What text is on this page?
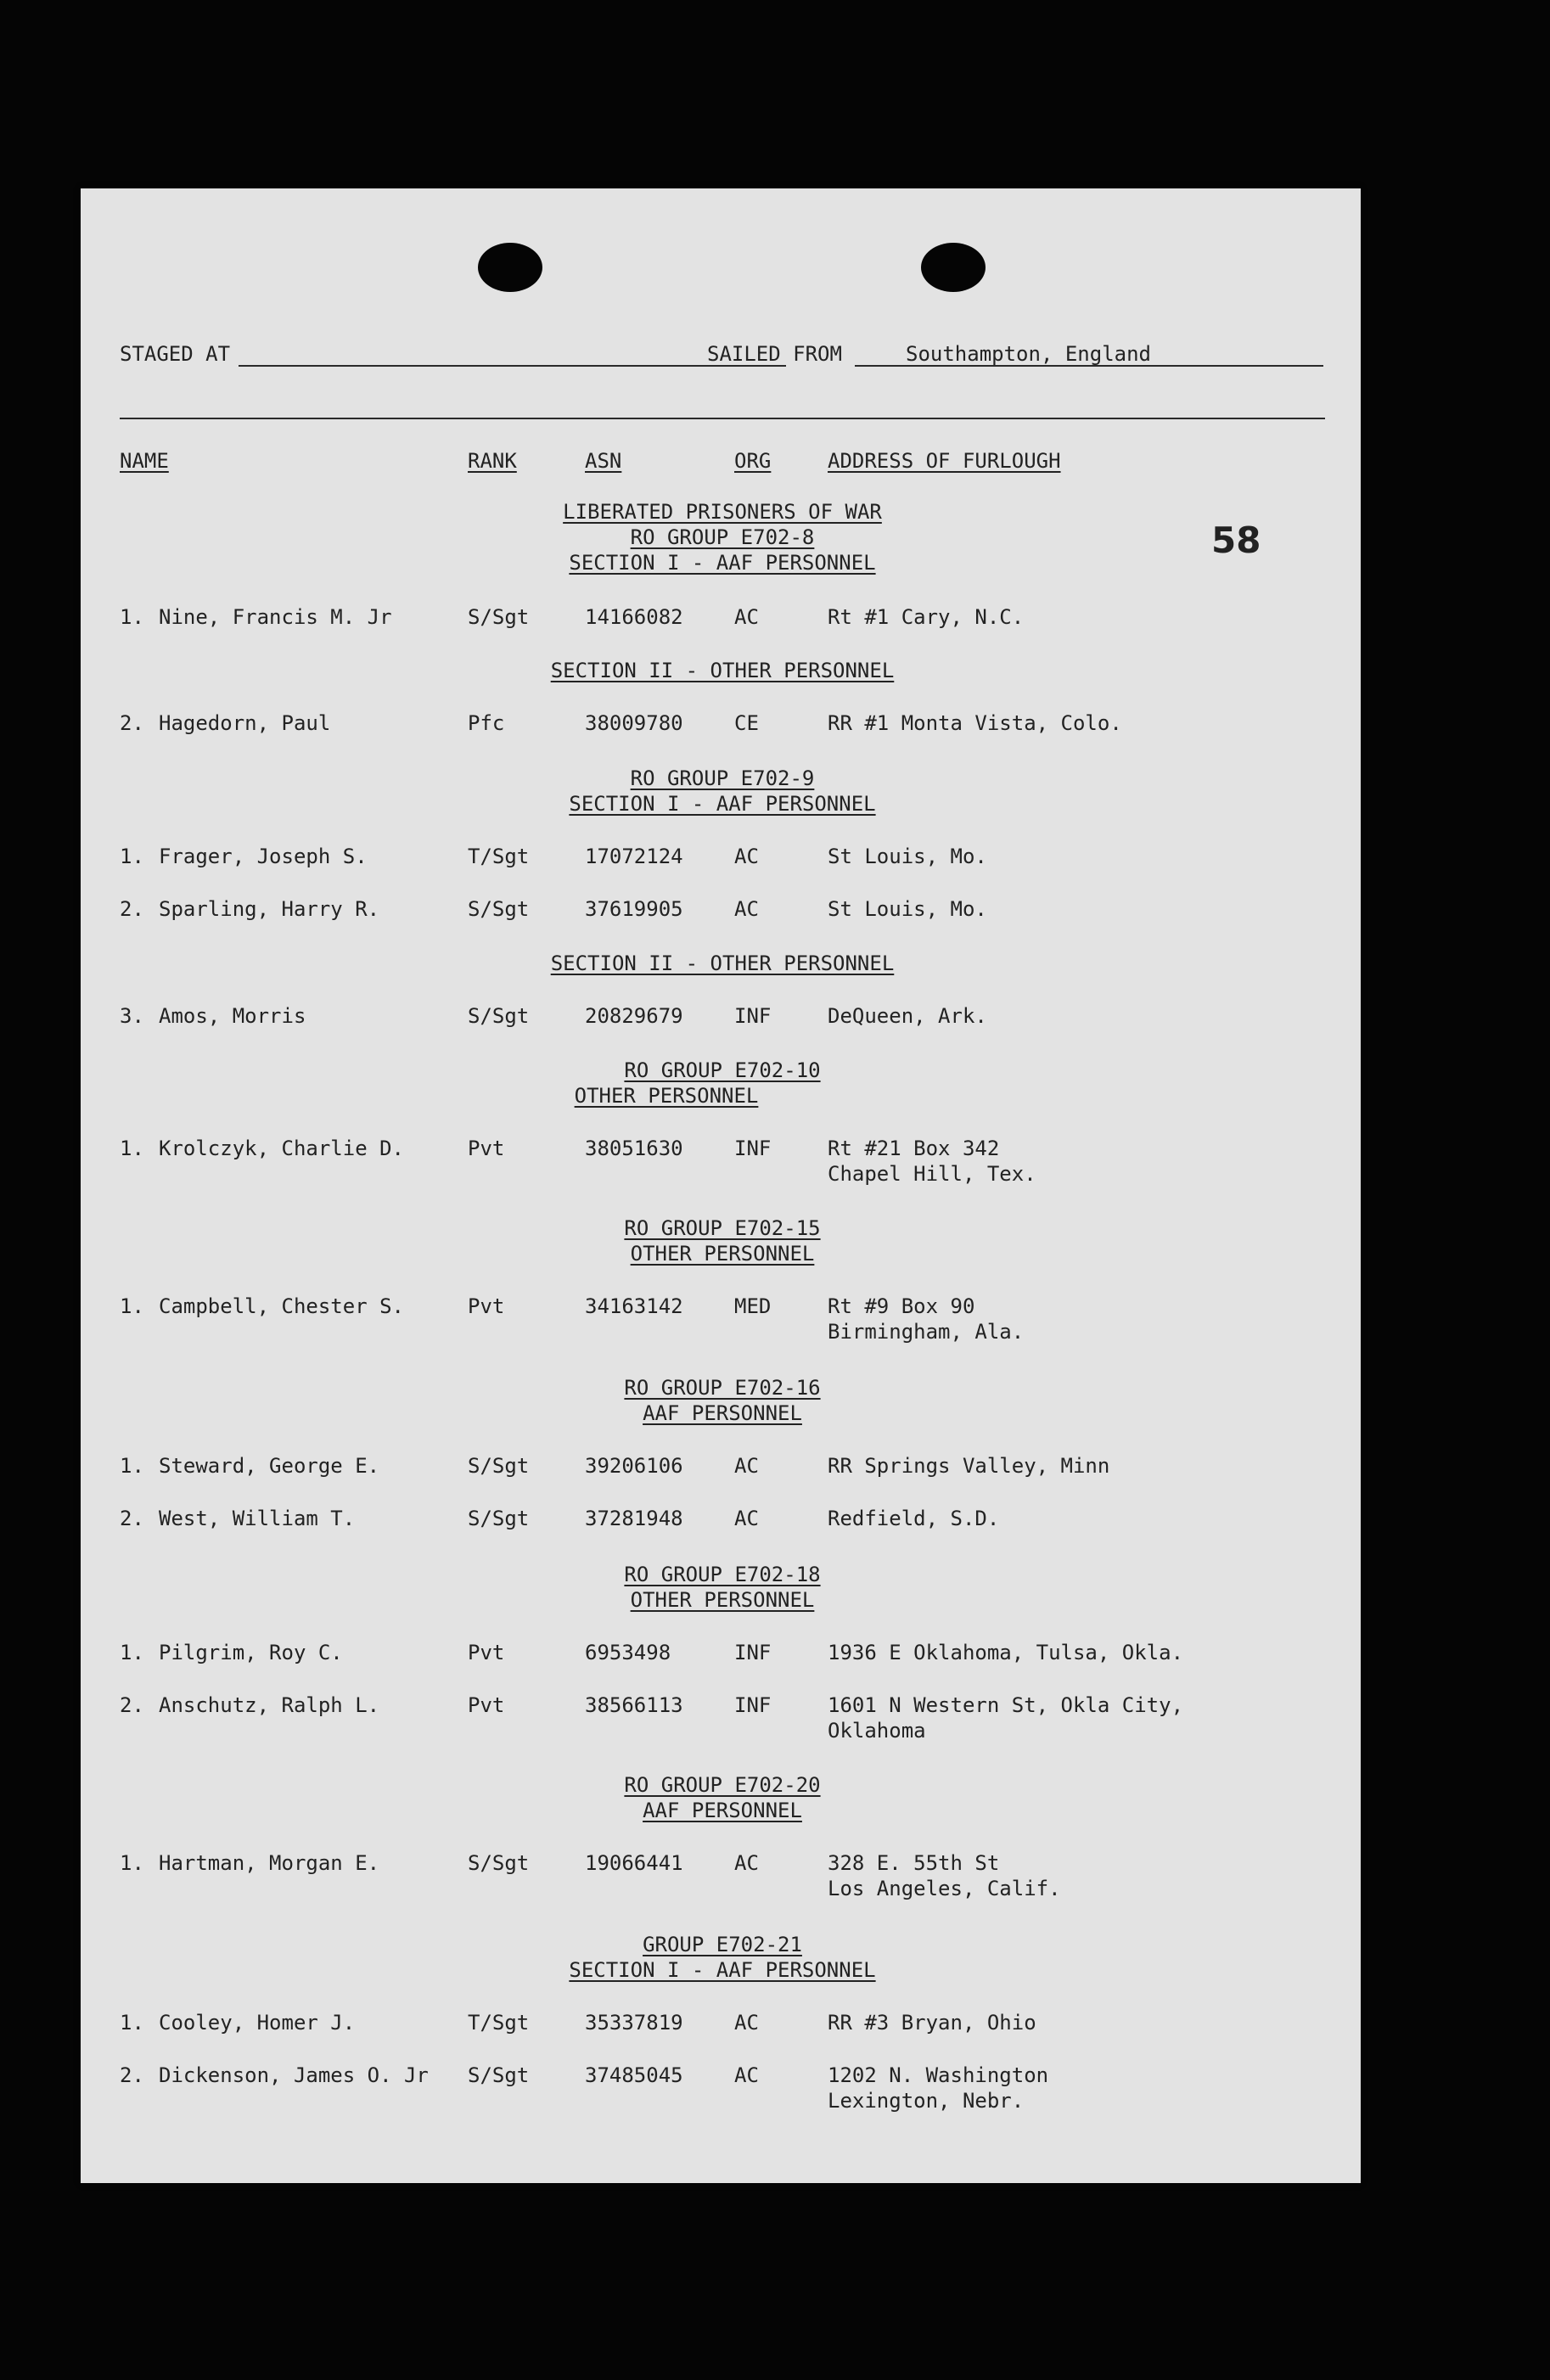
STAGED AT	SAILED FROM	Southampton, England
NAME	RANK	ASN	ORG	ADDRESS OF FURLOUGH
58
LIBERATED PRISONERS OF WAR
RO GROUP E702-8
SECTION I - AAF PERSONNEL
1. Nine, Francis M. Jr	S/Sgt	14166082	AC	Rt #1 Cary, N.C.
SECTION II - OTHER PERSONNEL
2. Hagedorn, Paul	Pfc	38009780	CE	RR #1 Monta Vista, Colo.
RO GROUP E702-9
SECTION I - AAF PERSONNEL
1. Frager, Joseph S.	T/Sgt	17072124	AC	St Louis, Mo.
2. Sparling, Harry R.	S/Sgt	37619905	AC	St Louis, Mo.
SECTION II - OTHER PERSONNEL
3. Amos, Morris	S/Sgt	20829679	INF	DeQueen, Ark.
RO GROUP E702-10
OTHER PERSONNEL
1. Krolczyk, Charlie D.	Pvt	38051630	INF	Rt #21 Box 342
Chapel Hill, Tex.
RO GROUP E702-15
OTHER PERSONNEL
1. Campbell, Chester S.	Pvt	34163142	MED	Rt #9 Box 90
Birmingham, Ala.
RO GROUP E702-16
AAF PERSONNEL
1. Steward, George E.	S/Sgt	39206106	AC	RR Springs Valley, Minn
2. West, William T.	S/Sgt	37281948	AC	Redfield, S.D.
RO GROUP E702-18
OTHER PERSONNEL
1. Pilgrim, Roy C.	Pvt	6953498	INF	1936 E Oklahoma, Tulsa, Okla.
2. Anschutz, Ralph L.	Pvt	38566113	INF	1601 N Western St, Okla City,
Oklahoma
RO GROUP E702-20
AAF PERSONNEL
1. Hartman, Morgan E.	S/Sgt	19066441	AC	328 E. 55th St
Los Angeles, Calif.
GROUP E702-21
SECTION I - AAF PERSONNEL
1. Cooley, Homer J.	T/Sgt	35337819	AC	RR #3 Bryan, Ohio
2. Dickenson, James O. Jr S/Sgt	37485045	AC	1202 N. Washington
Lexington, Nebr.
